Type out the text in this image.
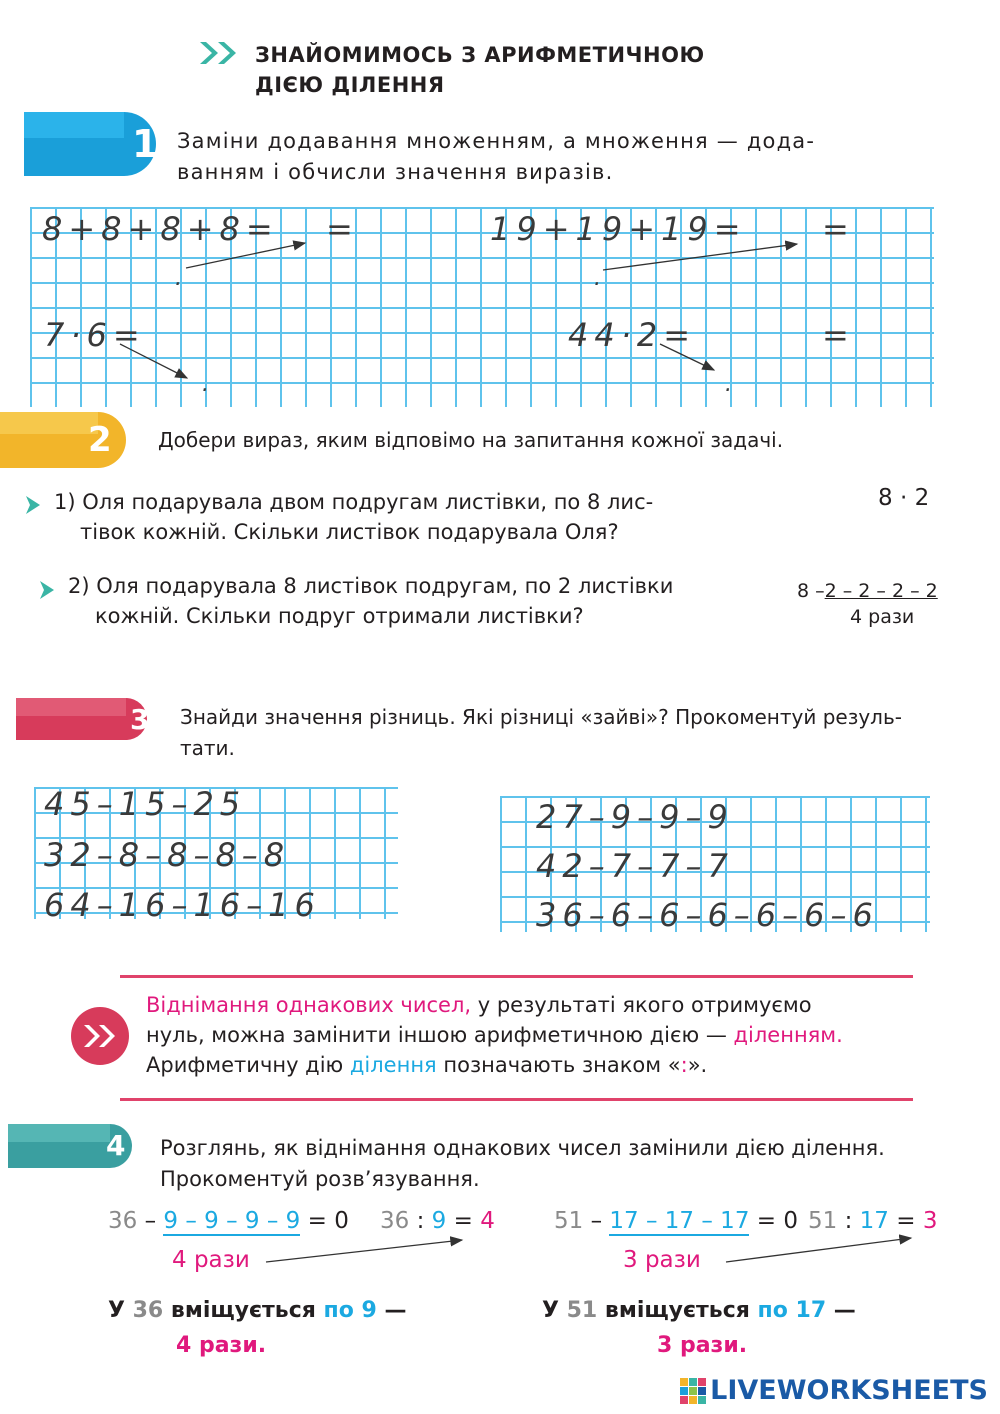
ЗНАЙОМИМОСЬ З АРИФМЕТИЧНОЮ
ДІЄЮ ДІЛЕННЯ
1 Заміни додавання множенням, а множення — дода-
ванням і обчисли значення виразів.
8+8+8+8= =	19+19+19= =
.	.
7·6=	44·2=	=
.	.
2 Добери вираз, яким відповімо на запитання кожної задачі.
1) Оля подарувала двом подругам листівки, по 8 лис-
тівок кожній. Скільки листівок подарувала Оля?
2) Оля подарувала 8 листівок подругам, по 2 листівки
кожній. Скільки подруг отримали листівки?
8 · 2
8 –2 – 2 – 2 – 2
4 рази
3 Знайди значення різниць. Які різниці «зайві»? Прокоментуй резуль-
тати.
45–15–25
32–8–8–8–8
64–16–16–16
27–9–9–9
42–7–7–7
36–6–6–6–6–6–6
Віднімання однакових чисел, у результаті якого отримуємо
нуль, можна замінити іншою арифметичною дією — діленням.
Арифметичну дію ділення позначають знаком «:».
4 Розглянь, як віднімання однакових чисел замінили дією ділення.
Прокоментуй розв’язування.
36 – 9 – 9 – 9 – 9 = 0
4 рази
36 : 9 = 4
У 36 вміщується по 9 —
4 рази.
51 – 17 – 17 – 17 = 0
3 рази
51 : 17 = 3
У 51 вміщується по 17 —
3 рази.
LIVEWORKSHEETS
